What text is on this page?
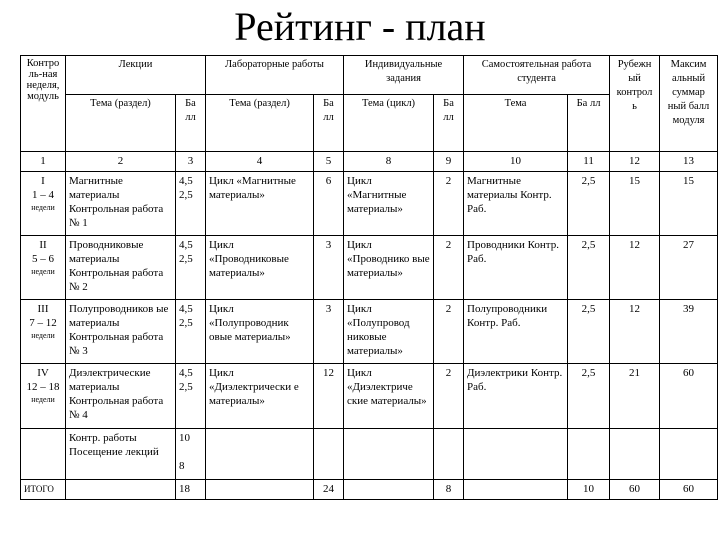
Рейтинг - план
Контро ль-ная неделя, модуль	Лекции		Лабораторные работы		Индивидуальные задания		Самостоятельная работа студента		Рубежн ый контрол ь	Максим альный суммар ный балл модуля
	Тема (раздел)	Ба лл	Тема (раздел)	Ба лл	Тема (цикл)	Ба лл	Тема	Ба лл		
1	2	3	4	5	8	9	10	11	12	13

I
1 – 4
недели	Магнитные материалы Контрольная работа № 1	4,5 2,5	Цикл «Магнитные материалы»	6	Цикл «Магнитные материалы»	2	Магнитные материалы Контр. Раб.	2,5	15	15

II
5 – 6
недели	Проводниковые материалы Контрольная работа № 2	4,5 2,5	Цикл «Проводниковые материалы»	3	Цикл «Проводнико вые материалы»	2	Проводники Контр. Раб.	2,5	12	27

III
7 – 12
недели	Полупроводников ые материалы Контрольная работа № 3	4,5 2,5	Цикл «Полупроводник овые материалы»	3	Цикл «Полупровод никовые материалы»	2	Полупроводники Контр. Раб.	2,5	12	39

IV
12 – 18
недели	Диэлектрические материалы Контрольная работа № 4	4,5 2,5	Цикл «Диэлектрически е материалы»	12	Цикл «Диэлектриче ские материалы»	2	Диэлектрики Контр. Раб.	2,5	21	60
	Контр. работы Посещение лекций	10
8								

ИТОГО		18		24		8		10	60	60
